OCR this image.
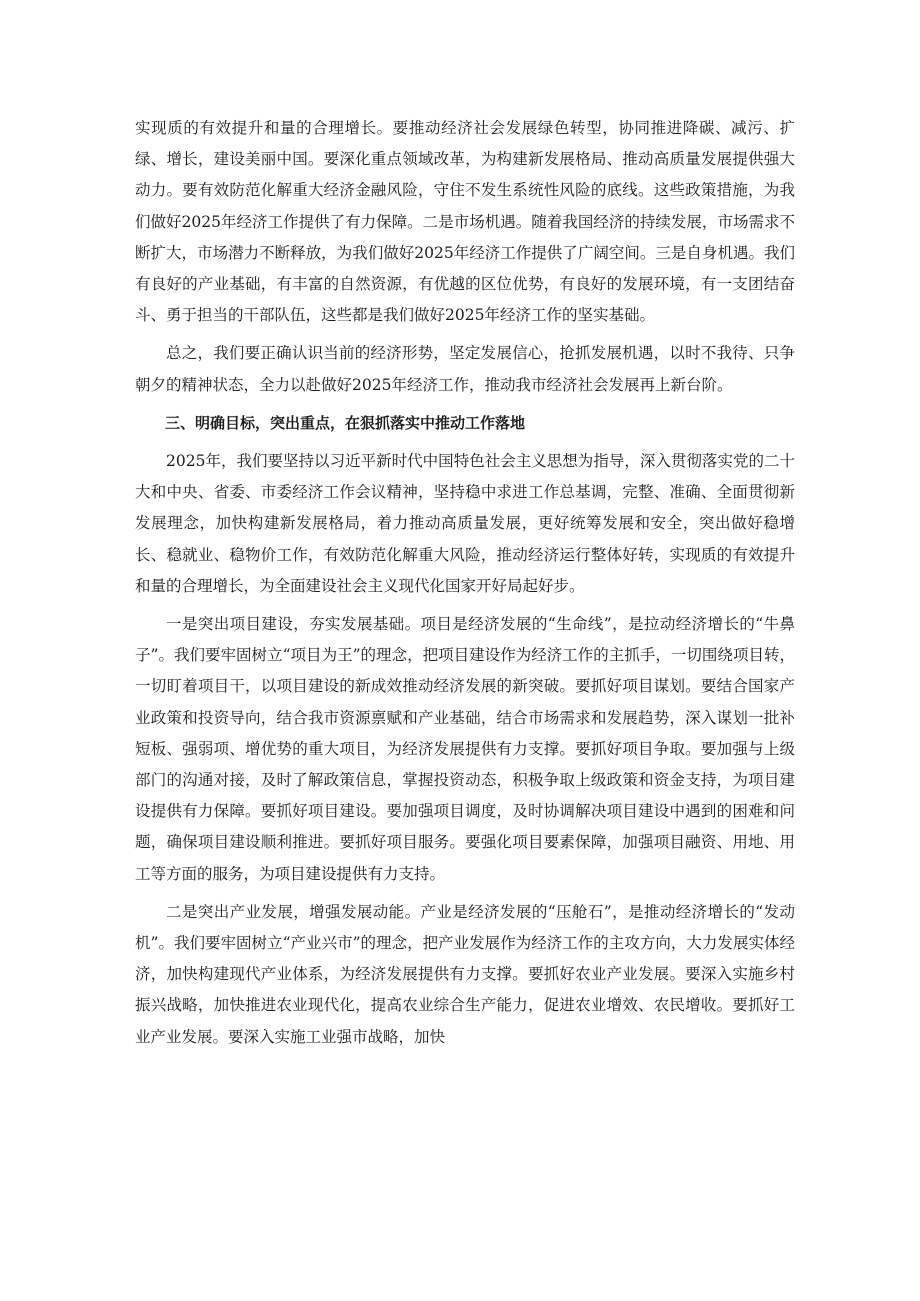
实现质的有效提升和量的合理增长。要推动经济社会发展绿色转型，协同推进降碳、减污、扩绿、增长，建设美丽中国。要深化重点领域改革，为构建新发展格局、推动高质量发展提供强大动力。要有效防范化解重大经济金融风险，守住不发生系统性风险的底线。这些政策措施，为我们做好2025年经济工作提供了有力保障。二是市场机遇。随着我国经济的持续发展，市场需求不断扩大，市场潜力不断释放，为我们做好2025年经济工作提供了广阔空间。三是自身机遇。我们有良好的产业基础，有丰富的自然资源，有优越的区位优势，有良好的发展环境，有一支团结奋斗、勇于担当的干部队伍，这些都是我们做好2025年经济工作的坚实基础。

总之，我们要正确认识当前的经济形势，坚定发展信心，抢抓发展机遇，以时不我待、只争朝夕的精神状态，全力以赴做好2025年经济工作，推动我市经济社会发展再上新台阶。

三、明确目标，突出重点，在狠抓落实中推动工作落地

2025年，我们要坚持以习近平新时代中国特色社会主义思想为指导，深入贯彻落实党的二十大和中央、省委、市委经济工作会议精神，坚持稳中求进工作总基调，完整、准确、全面贯彻新发展理念，加快构建新发展格局，着力推动高质量发展，更好统筹发展和安全，突出做好稳增长、稳就业、稳物价工作，有效防范化解重大风险，推动经济运行整体好转，实现质的有效提升和量的合理增长，为全面建设社会主义现代化国家开好局起好步。

一是突出项目建设，夯实发展基础。项目是经济发展的“生命线”，是拉动经济增长的“牛鼻子”。我们要牢固树立“项目为王”的理念，把项目建设作为经济工作的主抓手，一切围绕项目转，一切盯着项目干，以项目建设的新成效推动经济发展的新突破。要抓好项目谋划。要结合国家产业政策和投资导向，结合我市资源禀赋和产业基础，结合市场需求和发展趋势，深入谋划一批补短板、强弱项、增优势的重大项目，为经济发展提供有力支撑。要抓好项目争取。要加强与上级部门的沟通对接，及时了解政策信息，掌握投资动态，积极争取上级政策和资金支持，为项目建设提供有力保障。要抓好项目建设。要加强项目调度，及时协调解决项目建设中遇到的困难和问题，确保项目建设顺利推进。要抓好项目服务。要强化项目要素保障，加强项目融资、用地、用工等方面的服务，为项目建设提供有力支持。

二是突出产业发展，增强发展动能。产业是经济发展的“压舱石”，是推动经济增长的“发动机”。我们要牢固树立“产业兴市”的理念，把产业发展作为经济工作的主攻方向，大力发展实体经济，加快构建现代产业体系，为经济发展提供有力支撑。要抓好农业产业发展。要深入实施乡村振兴战略，加快推进农业现代化，提高农业综合生产能力，促进农业增效、农民增收。要抓好工业产业发展。要深入实施工业强市战略，加快
